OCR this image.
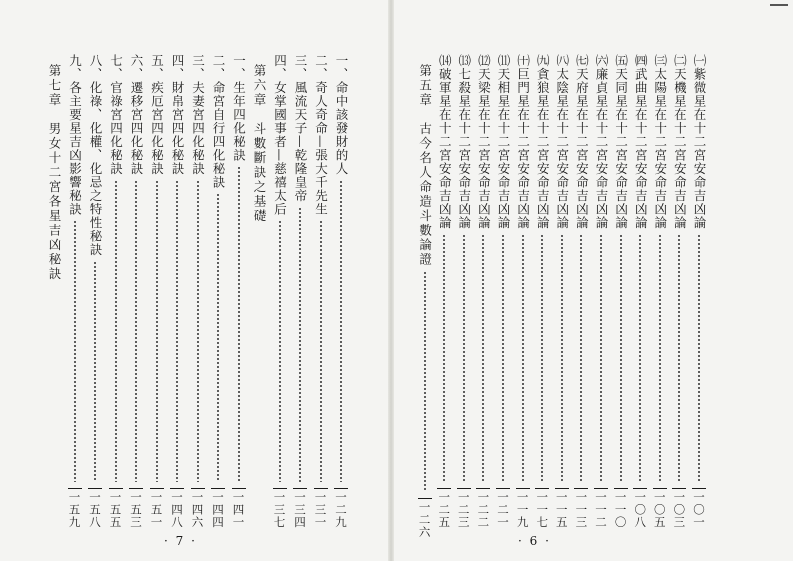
一、命中該發財的人
一二九
二、奇人奇命—張大千先生
一三一
三、風流天子—乾隆皇帝
一三四
四、女掌國事者—慈禧太后
一三七
第六章　斗數斷訣之基礎
一、生年四化秘訣
一四一
二、命宮自行四化秘訣
一四四
三、夫妻宮四化秘訣
一四六
四、財帛宮四化秘訣
一四八
五、疾厄宮四化秘訣
一五一
六、遷移宮四化秘訣
一五三
七、官祿宮四化秘訣
一五五
八、化祿、化權、化忌之特性秘訣
一五八
九、各主要星吉凶影響秘訣
一五九
第七章　男女十二宮各星吉凶秘訣
· 7 ·
㈠紫微星在十二宮安命吉凶論
一〇一
㈡天機星在十二宮安命吉凶論
一〇三
㈢太陽星在十二宮安命吉凶論
一〇五
㈣武曲星在十二宮安命吉凶論
一〇八
㈤天同星在十二宮安命吉凶論
一一〇
㈥廉貞星在十二宮安命吉凶論
一一二
㈦天府星在十二宮安命吉凶論
一一三
㈧太陰星在十二宮安命吉凶論
一一五
㈨貪狼星在十二宮安命吉凶論
一一七
㈩巨門星在十二宮安命吉凶論
一一九
⑾天相星在十二宮安命吉凶論
一二一
⑿天梁星在十二宮安命吉凶論
一二二
⒀七殺星在十二宮安命吉凶論
一二三
⒁破軍星在十二宮安命吉凶論
一二五
第五章　古今名人命造斗數論證
一二六
· 6 ·
